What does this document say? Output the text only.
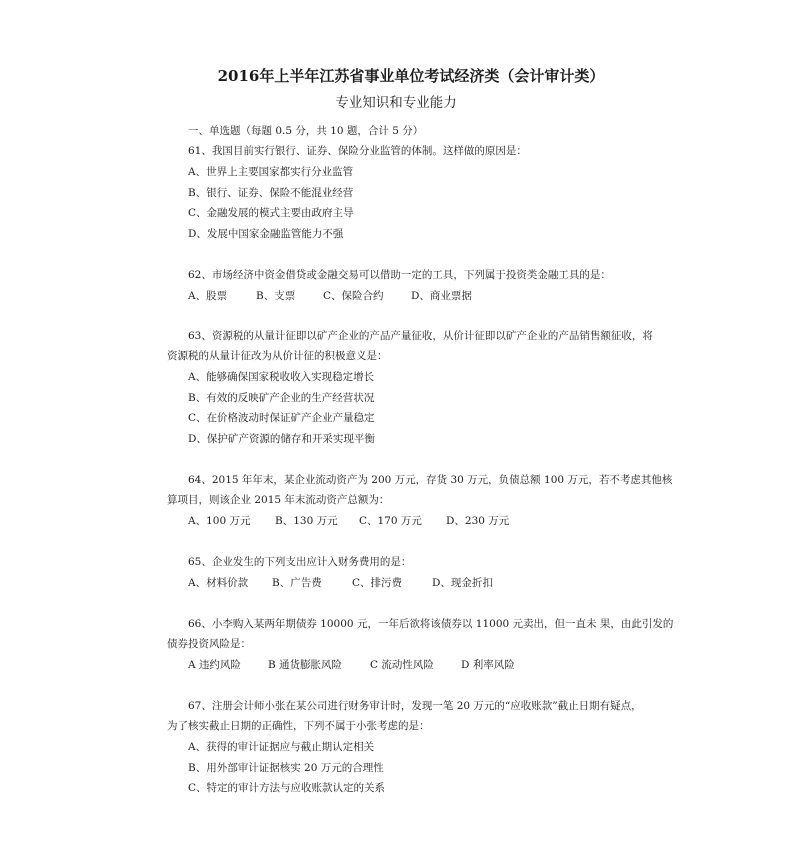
2016年上半年江苏省事业单位考试经济类（会计审计类）
专业知识和专业能力
一、单选题（每题 0.5 分，共 10 题，合计 5 分）
61、我国目前实行银行、证券、保险分业监管的体制。这样做的原因是：
A、世界上主要国家都实行分业监管
B、银行、证券、保险不能混业经营
C、金融发展的模式主要由政府主导
D、发展中国家金融监管能力不强
62、市场经济中资金借贷或金融交易可以借助一定的工具，下列属于投资类金融工具的是：
A、股票	B、支票	C、保险合约	D、商业票据
63、资源税的从量计征即以矿产企业的产品产量征收，从价计征即以矿产企业的产品销售额征收，将
资源税的从量计征改为从价计征的积极意义是：
A、能够确保国家税收收入实现稳定增长
B、有效的反映矿产企业的生产经营状况
C、在价格波动时保证矿产企业产量稳定
D、保护矿产资源的储存和开采实现平衡
64、2015 年年末，某企业流动资产为 200 万元，存货 30 万元，负债总额 100 万元，若不考虑其他核
算项目，则该企业 2015 年末流动资产总额为：
A、100 万元 B、130 万元 C、170 万元 D、230 万元
65、企业发生的下列支出应计入财务费用的是：
A、材料价款 B、广告费	C、排污费	D、现金折扣
66、小李购入某两年期债券 10000 元，一年后欲将该债券以 11000 元卖出，但一直未 果，由此引发的
债券投资风险是：
A 违约风险	B 通货膨胀风险	C 流动性风险	D 利率风险
67、注册会计师小张在某公司进行财务审计时，发现一笔 20 万元的“应收账款”截止日期有疑点，
为了核实截止日期的正确性，下列不属于小张考虑的是：
A、获得的审计证据应与截止期认定相关
B、用外部审计证据核实 20 万元的合理性
C、特定的审计方法与应收账款认定的关系
